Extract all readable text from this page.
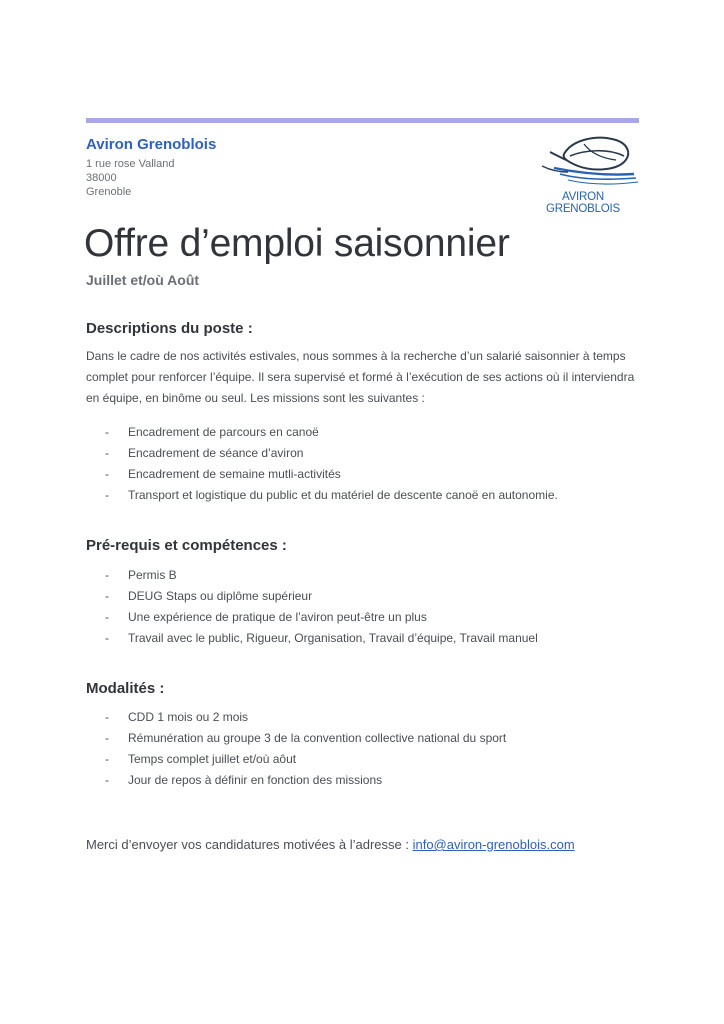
Aviron Grenoblois

1 rue rose Valland
38000
Grenoble	AVIRON GRENOBLOIS
Offre d’emploi saisonnier

Juillet et/où Août

Descriptions du poste :

Dans le cadre de nos activités estivales, nous sommes à la recherche d’un salarié saisonnier à temps complet pour renforcer l’équipe. Il sera supervisé et formé à l’exécution de ses actions où il interviendra en équipe, en binôme ou seul. Les missions sont les suivantes :

- Encadrement de parcours en canoë
- Encadrement de séance d’aviron
- Encadrement de semaine mutli-activités
- Transport et logistique du public et du matériel de descente canoë en autonomie.
Pré-requis et compétences :
- Permis B
- DEUG Staps ou diplôme supérieur
- Une expérience de pratique de l’aviron peut-être un plus
- Travail avec le public, Rigueur, Organisation, Travail d’équipe, Travail manuel
Modalités :
- CDD 1 mois ou 2 mois
- Rémunération au groupe 3 de la convention collective national du sport
- Temps complet juillet et/où aôut
- Jour de repos à définir en fonction des missions
Merci d’envoyer vos candidatures motivées à l’adresse : info@aviron-grenoblois.com
